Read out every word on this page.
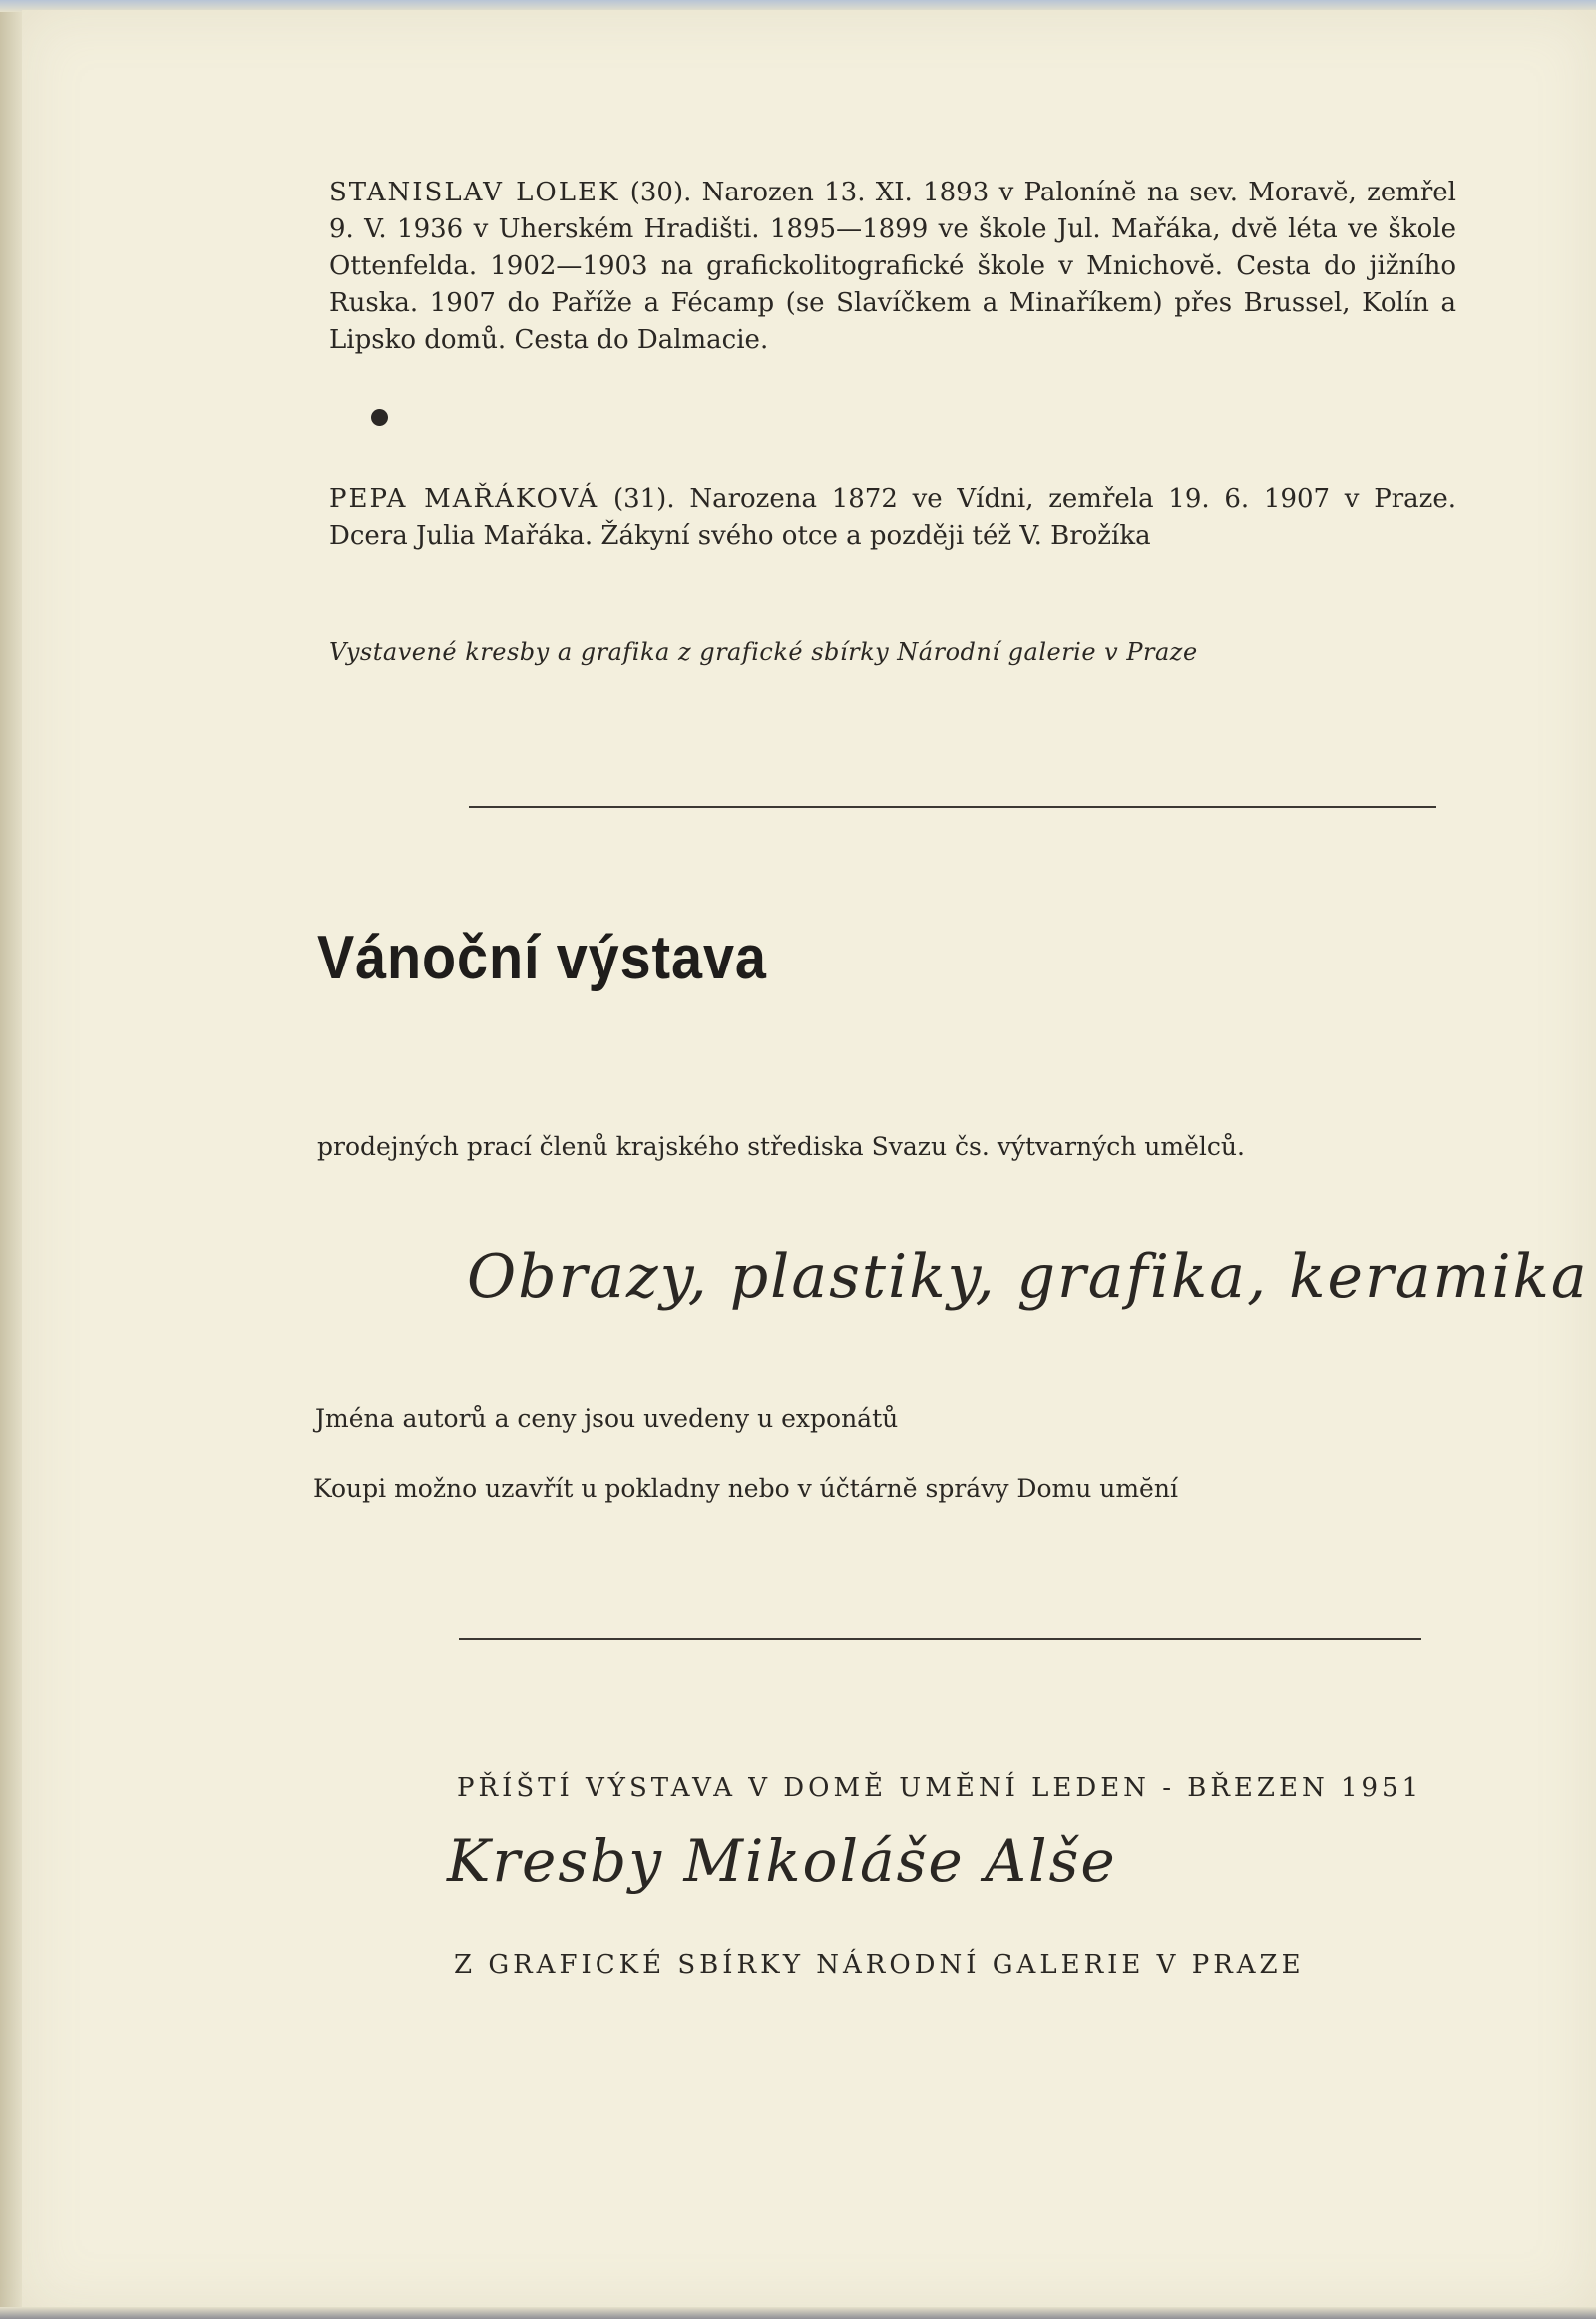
STANISLAV LOLEK (30). Narozen 13. XI. 1893 v Palonínĕ na sev. Moravĕ, zemřel 9. V. 1936 v Uherském Hradišti. 1895—1899 ve škole Jul. Mařáka, dvĕ léta ve škole Ottenfelda. 1902—1903 na grafickolitografické škole v Mnichovĕ. Cesta do jižního Ruska. 1907 do Paříže a Fécamp (se Slavíčkem a Minaříkem) přes Brussel, Kolín a Lipsko domů. Cesta do Dalmacie.

PEPA MAŘÁKOVÁ (31). Narozena 1872 ve Vídni, zemřela 19. 6. 1907 v Praze. Dcera Julia Mařáka. Žákyní svého otce a později též V. Brožíka

Vystavené kresby a grafika z grafické sbírky Národní galerie v Praze
Vánoční výstava

prodejných prací členů krajského střediska Svazu čs. výtvarných umělců.

Obrazy, plastiky, grafika, keramika

Jména autorů a ceny jsou uvedeny u exponátů

Koupi možno uzavřít u pokladny nebo v účtárnĕ správy Domu umĕní

PŘÍŠTÍ VÝSTAVA V DOMĔ UMĔNÍ LEDEN - BŘEZEN 1951
Kresby Mikoláše Alše
Z GRAFICKÉ SBÍRKY NÁRODNÍ GALERIE V PRAZE
